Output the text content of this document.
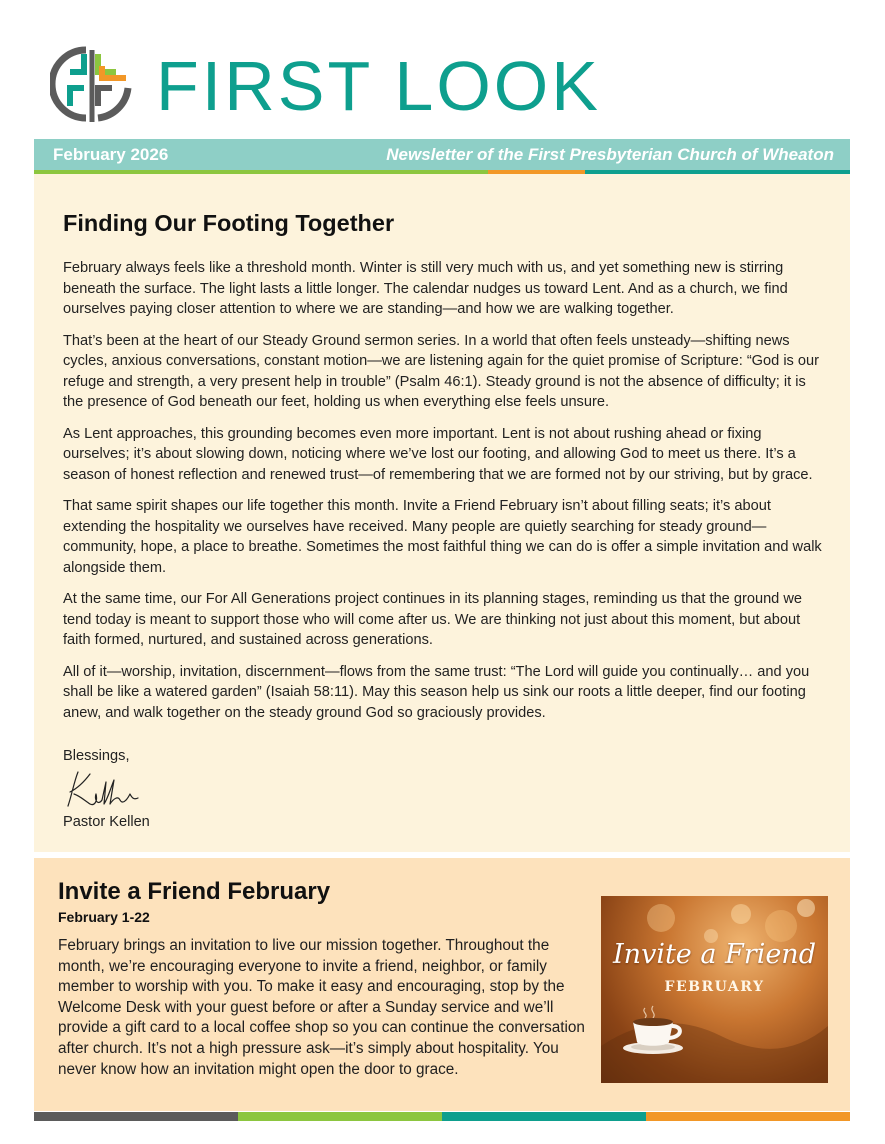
FIRST LOOK
February 2026	Newsletter of the First Presbyterian Church of Wheaton
Finding Our Footing Together

February always feels like a threshold month. Winter is still very much with us, and yet something new is stirring beneath the surface. The light lasts a little longer. The calendar nudges us toward Lent. And as a church, we find ourselves paying closer attention to where we are standing—and how we are walking together.

That’s been at the heart of our Steady Ground sermon series. In a world that often feels unsteady—shifting news cycles, anxious conversations, constant motion—we are listening again for the quiet promise of Scripture: “God is our refuge and strength, a very present help in trouble” (Psalm 46:1). Steady ground is not the absence of difficulty; it is the presence of God beneath our feet, holding us when everything else feels unsure.

As Lent approaches, this grounding becomes even more important. Lent is not about rushing ahead or fixing ourselves; it’s about slowing down, noticing where we’ve lost our footing, and allowing God to meet us there. It’s a season of honest reflection and renewed trust—of remembering that we are formed not by our striving, but by grace.

That same spirit shapes our life together this month. Invite a Friend February isn’t about filling seats; it’s about extending the hospitality we ourselves have received. Many people are quietly searching for steady ground—community, hope, a place to breathe. Sometimes the most faithful thing we can do is offer a simple invitation and walk alongside them.

At the same time, our For All Generations project continues in its planning stages, reminding us that the ground we tend today is meant to support those who will come after us. We are thinking not just about this moment, but about faith formed, nurtured, and sustained across generations.

All of it—worship, invitation, discernment—flows from the same trust: “The Lord will guide you continually… and you shall be like a watered garden” (Isaiah 58:11). May this season help us sink our roots a little deeper, find our footing anew, and walk together on the steady ground God so graciously provides.

Blessings,
Pastor Kellen
Invite a Friend February
February 1-22

February brings an invitation to live our mission together. Throughout the month, we’re encouraging everyone to invite a friend, neighbor, or family member to worship with you. To make it easy and encouraging, stop by the Welcome Desk with your guest before or after a Sunday service and we’ll provide a gift card to a local coffee shop so you can continue the conversation after church. It’s not a high pressure ask—it’s simply about hospitality. You never know how an invitation might open the door to grace.

Invite a Friend
FEBRUARY
